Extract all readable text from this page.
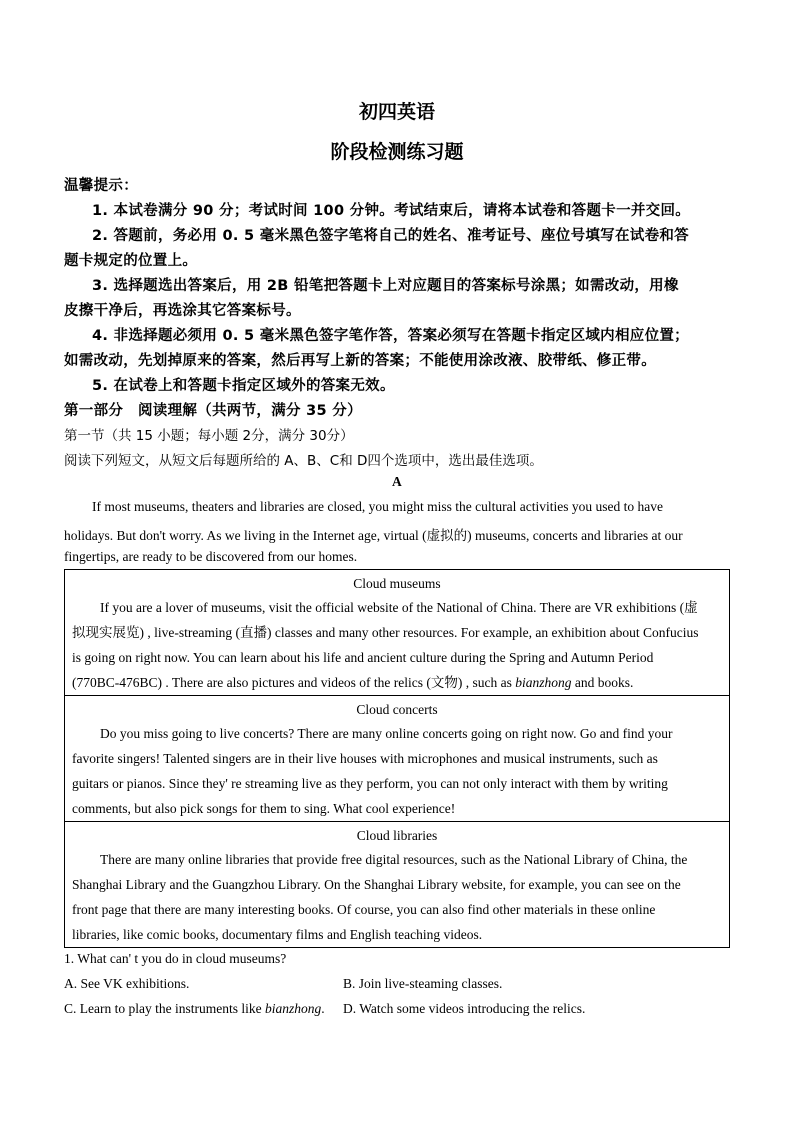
初四英语
阶段检测练习题
温馨提示：
1. 本试卷满分 90 分；考试时间 100 分钟。考试结束后，请将本试卷和答题卡一并交回。
2. 答题前，务必用 0. 5 毫米黑色签字笔将自己的姓名、准考证号、座位号填写在试卷和答
题卡规定的位置上。
3. 选择题选出答案后，用 2B 铅笔把答题卡上对应题目的答案标号涂黑；如需改动，用橡
皮擦干净后，再选涂其它答案标号。
4. 非选择题必须用 0. 5 毫米黑色签字笔作答，答案必须写在答题卡指定区域内相应位置；
如需改动，先划掉原来的答案，然后再写上新的答案；不能使用涂改液、胶带纸、修正带。
5. 在试卷上和答题卡指定区域外的答案无效。
第一部分　阅读理解（共两节，满分 35 分）
第一节（共 15 小题；每小题 2分，满分 30分）
阅读下列短文，从短文后每题所给的 A、B、C和 D四个选项中，选出最佳选项。
A
If most museums, theaters and libraries are closed, you might miss the cultural activities you used to have
holidays. But don't worry. As we living in the Internet age, virtual (虚拟的) museums, concerts and libraries at our
fingertips, are ready to be discovered from our homes.
Cloud museums
If you are a lover of museums, visit the official website of the National of China. There are VR exhibitions (虚
拟现实展览) , live-streaming (直播) classes and many other resources. For example, an exhibition about Confucius
is going on right now. You can learn about his life and ancient culture during the Spring and Autumn Period
(770BC-476BC) . There are also pictures and videos of the relics (文物) , such as bianzhong and books.
Cloud concerts
Do you miss going to live concerts? There are many online concerts going on right now. Go and find your
favorite singers! Talented singers are in their live houses with microphones and musical instruments, such as
guitars or pianos. Since they' re streaming live as they perform, you can not only interact with them by writing
comments, but also pick songs for them to sing. What cool experience!
Cloud libraries
There are many online libraries that provide free digital resources, such as the National Library of China, the
Shanghai Library and the Guangzhou Library. On the Shanghai Library website, for example, you can see on the
front page that there are many interesting books. Of course, you can also find other materials in these online
libraries, like comic books, documentary films and English teaching videos.
1. What can' t you do in cloud museums?
A. See VK exhibitions.	B. Join live-steaming classes.
C. Learn to play the instruments like bianzhong. D. Watch some videos introducing the relics.
